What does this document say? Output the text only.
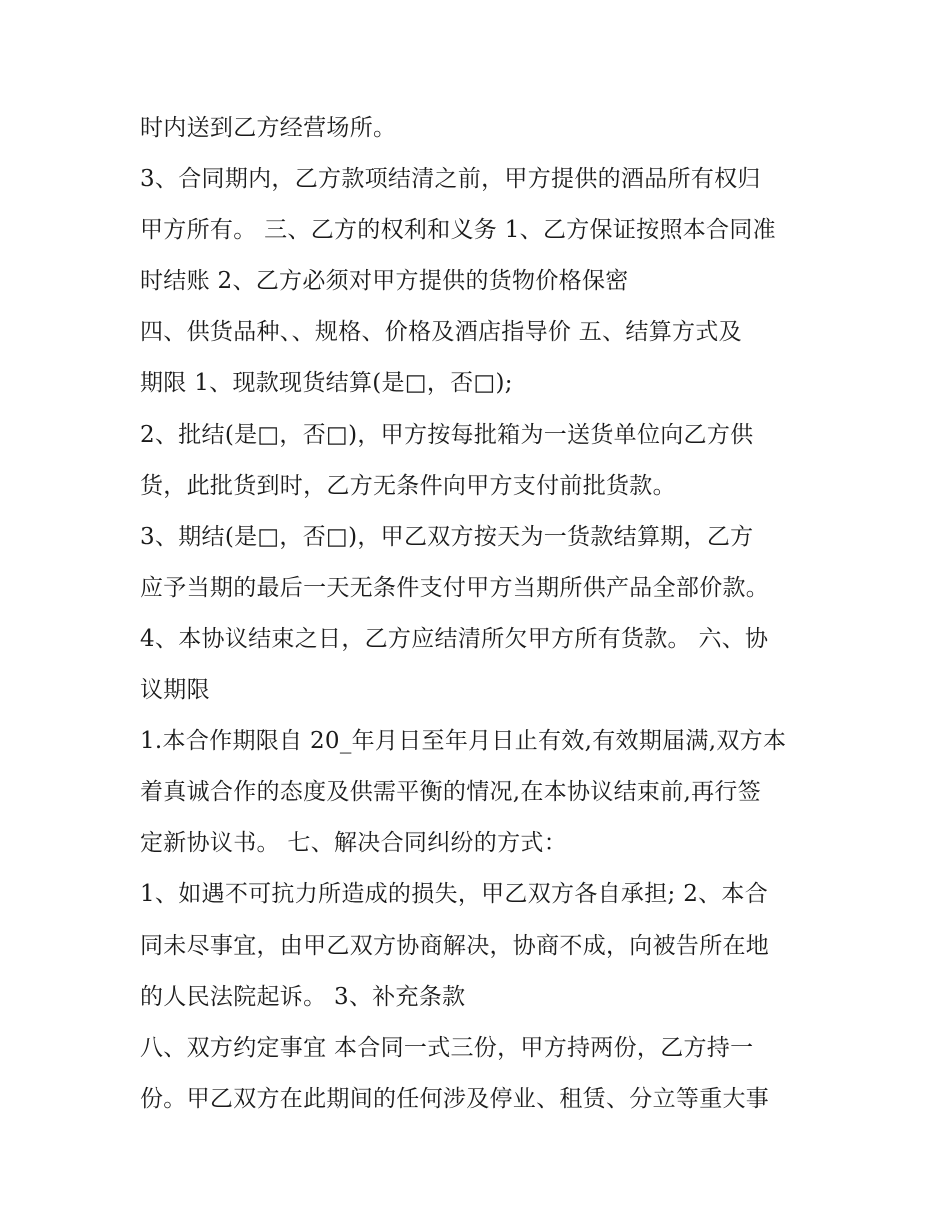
时内送到乙方经营场所。
3、合同期内，乙方款项结清之前，甲方提供的酒品所有权归
甲方所有。 三、乙方的权利和义务 1、乙方保证按照本合同准
时结账 2、乙方必须对甲方提供的货物价格保密
四、供货品种、、规格、价格及酒店指导价 五、结算方式及
期限 1、现款现货结算(是□，否□);
2、批结(是□，否□)，甲方按每批箱为一送货单位向乙方供
货，此批货到时，乙方无条件向甲方支付前批货款。
3、期结(是□，否□)，甲乙双方按天为一货款结算期，乙方
应予当期的最后一天无条件支付甲方当期所供产品全部价款。
4、本协议结束之日，乙方应结清所欠甲方所有货款。 六、协
议期限
1.本合作期限自 20_年月日至年月日止有效,有效期届满,双方本
着真诚合作的态度及供需平衡的情况,在本协议结束前,再行签
定新协议书。 七、解决合同纠纷的方式：
1、如遇不可抗力所造成的损失，甲乙双方各自承担; 2、本合
同未尽事宜，由甲乙双方协商解决，协商不成，向被告所在地
的人民法院起诉。 3、补充条款
八、双方约定事宜 本合同一式三份，甲方持两份，乙方持一
份。甲乙双方在此期间的任何涉及停业、租赁、分立等重大事
